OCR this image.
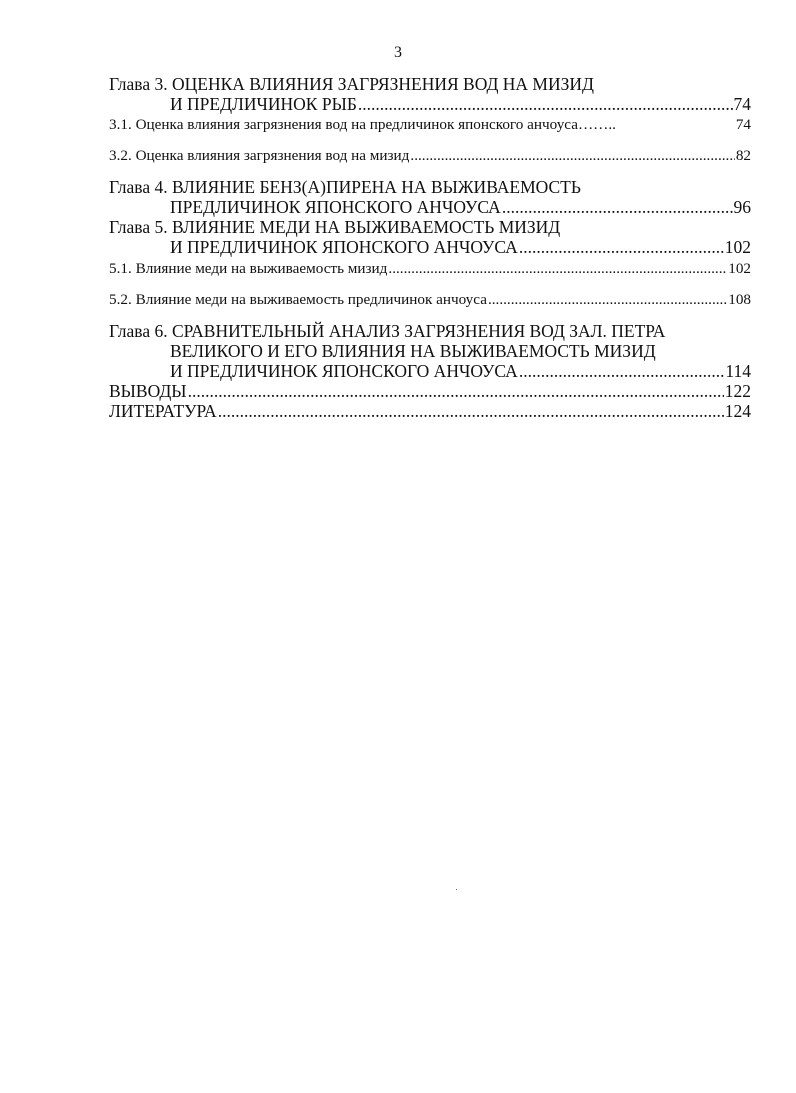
3
Глава 3. ОЦЕНКА ВЛИЯНИЯ ЗАГРЯЗНЕНИЯ ВОД НА МИЗИД
И ПРЕДЛИЧИНОК РЫБ .....	74
3.1. Оценка влияния загрязнения вод на предличинок японского анчоуса ……..	74
3.2. Оценка влияния загрязнения вод на мизид .....	82
Глава 4. ВЛИЯНИЕ БЕНЗ(А)ПИРЕНА НА ВЫЖИВАЕМОСТЬ
ПРЕДЛИЧИНОК ЯПОНСКОГО АНЧОУСА .....	96
Глава 5. ВЛИЯНИЕ МЕДИ НА ВЫЖИВАЕМОСТЬ МИЗИД
И ПРЕДЛИЧИНОК ЯПОНСКОГО АНЧОУСА .....	102
5.1. Влияние меди на выживаемость мизид .....	102
5.2. Влияние меди на выживаемость предличинок анчоуса .....	108
Глава 6. СРАВНИТЕЛЬНЫЙ АНАЛИЗ ЗАГРЯЗНЕНИЯ ВОД ЗАЛ. ПЕТРА
ВЕЛИКОГО И ЕГО ВЛИЯНИЯ НА ВЫЖИВАЕМОСТЬ МИЗИД
И ПРЕДЛИЧИНОК ЯПОНСКОГО АНЧОУСА .....	114
ВЫВОДЫ .....	122
ЛИТЕРАТУРА .....	124
